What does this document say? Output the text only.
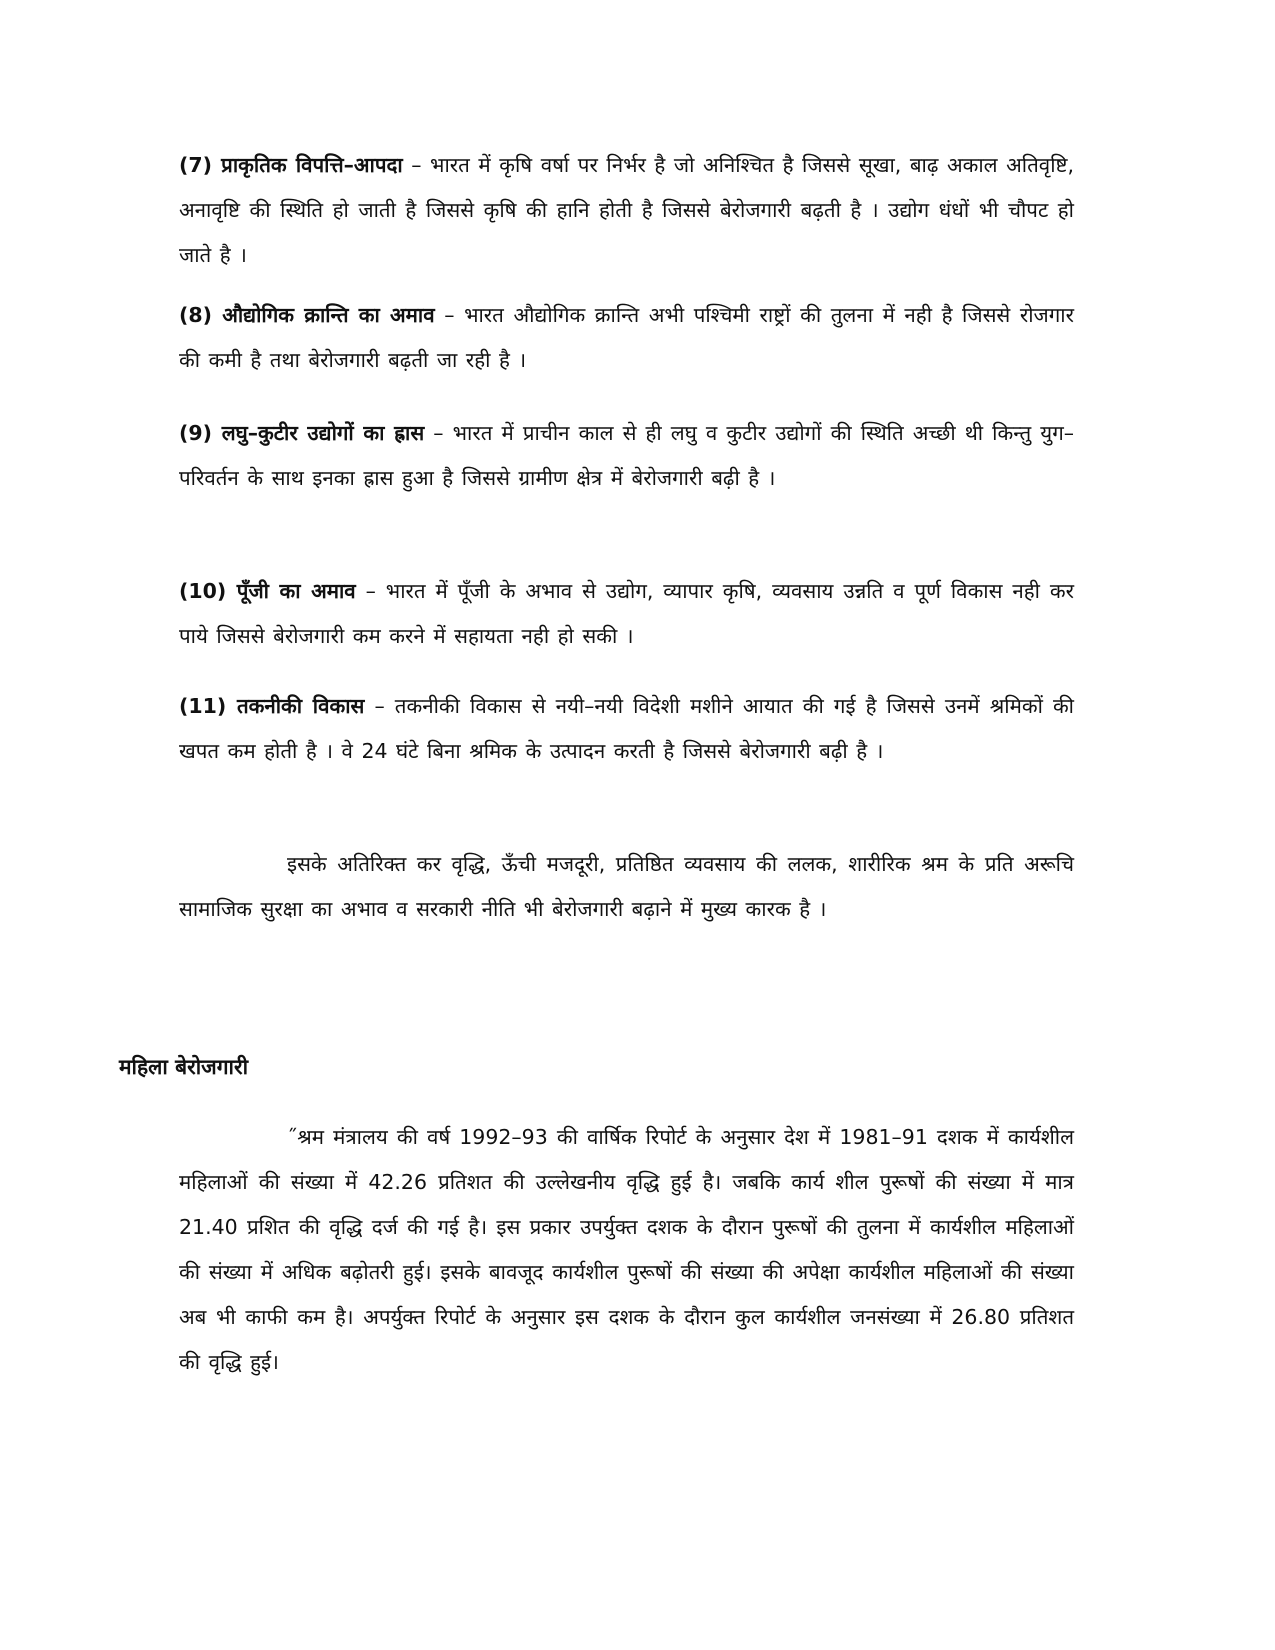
(7) प्राकृतिक विपत्ति–आपदा – भारत में कृषि वर्षा पर निर्भर है जो अनिश्चित है जिससे सूखा, बाढ़ अकाल अतिवृष्टि, अनावृष्टि की स्थिति हो जाती है जिससे कृषि की हानि होती है जिससे बेरोजगारी बढ़ती है । उद्योग धंधों भी चौपट हो जाते है ।

(8) औद्योगिक क्रान्ति का अमाव – भारत औद्योगिक क्रान्ति अभी पश्चिमी राष्ट्रों की तुलना में नही है जिससे रोजगार की कमी है तथा बेरोजगारी बढ़ती जा रही है ।

(9) लघु–कुटीर उद्योगों का ह्रास – भारत में प्राचीन काल से ही लघु व कुटीर उद्योगों की स्थिति अच्छी थी किन्तु युग–परिवर्तन के साथ इनका ह्रास हुआ है जिससे ग्रामीण क्षेत्र में बेरोजगारी बढ़ी है ।

(10) पूँजी का अमाव – भारत में पूँजी के अभाव से उद्योग, व्यापार कृषि, व्यवसाय उन्नति व पूर्ण विकास नही कर पाये जिससे बेरोजगारी कम करने में सहायता नही हो सकी ।

(11) तकनीकी विकास – तकनीकी विकास से नयी–नयी विदेशी मशीने आयात की गई है जिससे उनमें श्रमिकों की खपत कम होती है । वे 24 घंटे बिना श्रमिक के उत्पादन करती है जिससे बेरोजगारी बढ़ी है ।

इसके अतिरिक्त कर वृद्धि, ऊँची मजदूरी, प्रतिष्ठित व्यवसाय की ललक, शारीरिक श्रम के प्रति अरूचि सामाजिक सुरक्षा का अभाव व सरकारी नीति भी बेरोजगारी बढ़ाने में मुख्य कारक है ।

महिला बेरोजगारी

˝श्रम मंत्रालय की वर्ष 1992–93 की वार्षिक रिपोर्ट के अनुसार देश में 1981–91 दशक में कार्यशील महिलाओं की संख्या में 42.26 प्रतिशत की उल्लेखनीय वृद्धि हुई है। जबकि कार्य शील पुरूषों की संख्या में मात्र 21.40 प्रशित की वृद्धि दर्ज की गई है। इस प्रकार उपर्युक्त दशक के दौरान पुरूषों की तुलना में कार्यशील महिलाओं की संख्या में अधिक बढ़ोतरी हुई। इसके बावजूद कार्यशील पुरूषों की संख्या की अपेक्षा कार्यशील महिलाओं की संख्या अब भी काफी कम है। अपर्युक्त रिपोर्ट के अनुसार इस दशक के दौरान कुल कार्यशील जनसंख्या में 26.80 प्रतिशत की वृद्धि हुई।
